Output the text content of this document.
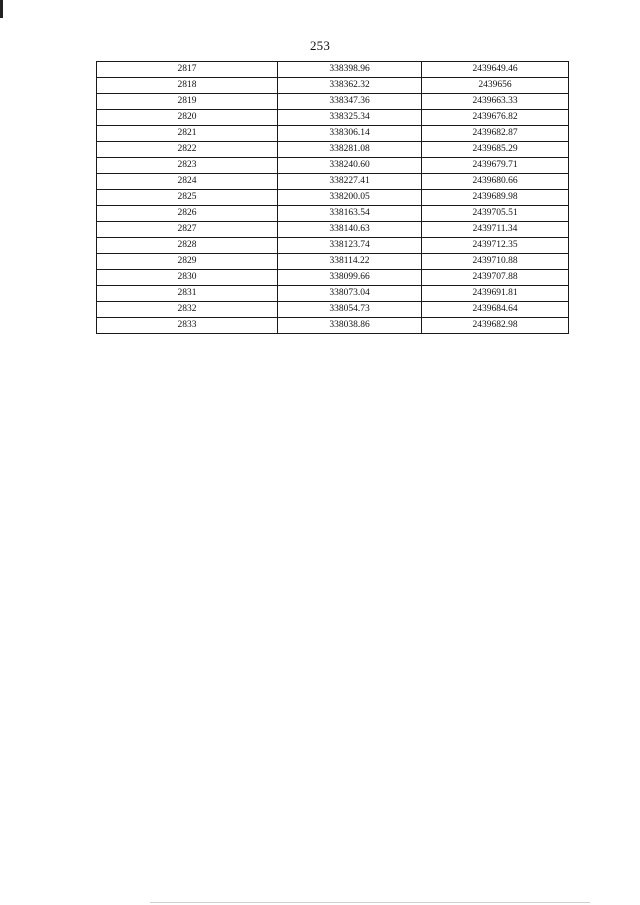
253
2817	338398.96	2439649.46
2818	338362.32	2439656
2819	338347.36	2439663.33
2820	338325.34	2439676.82
2821	338306.14	2439682.87
2822	338281.08	2439685.29
2823	338240.60	2439679.71
2824	338227.41	2439680.66
2825	338200.05	2439689.98
2826	338163.54	2439705.51
2827	338140.63	2439711.34
2828	338123.74	2439712.35
2829	338114.22	2439710.88
2830	338099.66	2439707.88
2831	338073.04	2439691.81
2832	338054.73	2439684.64
2833	338038.86	2439682.98
